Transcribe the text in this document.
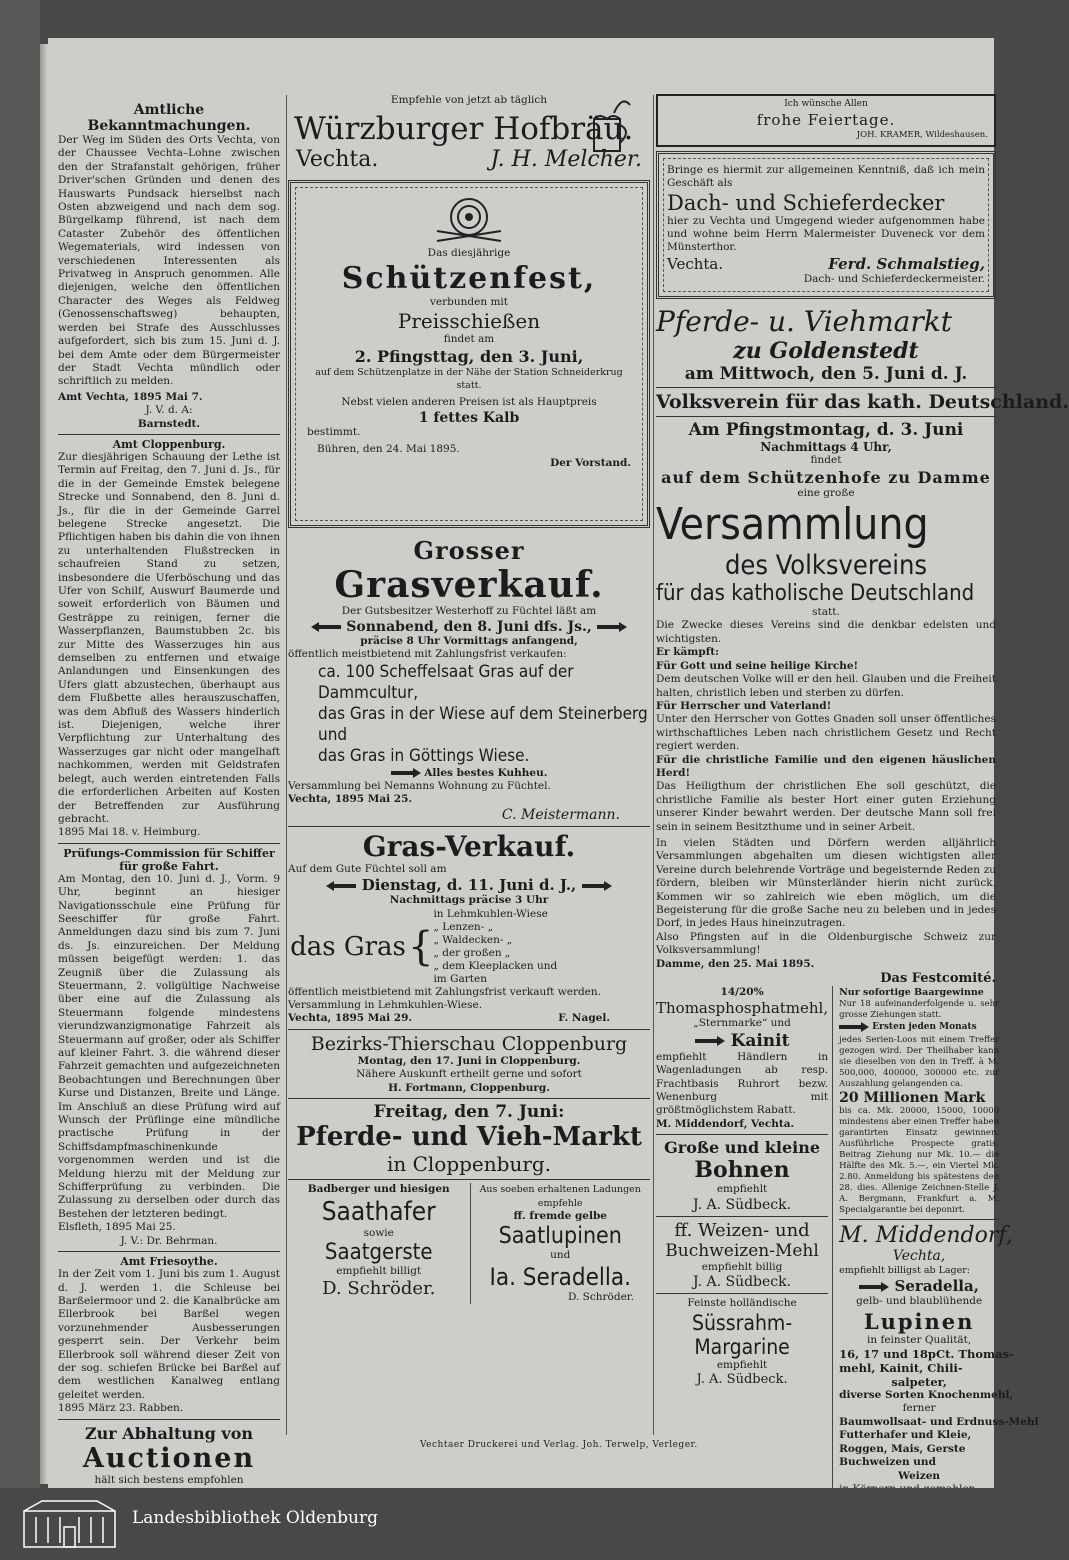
Amtliche Bekanntmachungen.

Der Weg im Süden des Orts Vechta, von der Chaussee Vechta–Lohne zwischen den der Strafanstalt gehörigen, früher Driver'schen Gründen und denen des Hauswarts Pundsack hierselbst nach Osten abzweigend und nach dem sog. Bürgelkamp führend, ist nach dem Cataster Zubehör des öffentlichen Wegematerials, wird indessen von verschiedenen Interessenten als Privatweg in Anspruch genommen. Alle diejenigen, welche den öffentlichen Character des Weges als Feldweg (Genossenschaftsweg) behaupten, werden bei Strafe des Ausschlusses aufgefordert, sich bis zum 15. Juni d. J. bei dem Amte oder dem Bürgermeister der Stadt Vechta mündlich oder schriftlich zu melden.

Amt Vechta, 1895 Mai 7.

J. V. d. A:

Barnstedt.

Amt Cloppenburg.

Zur diesjährigen Schauung der Lethe ist Termin auf Freitag, den 7. Juni d. Js., für die in der Gemeinde Emstek belegene Strecke und Sonnabend, den 8. Juni d. Js., für die in der Gemeinde Garrel belegene Strecke angesetzt. Die Pflichtigen haben bis dahin die von ihnen zu unterhaltenden Flußstrecken in schaufreien Stand zu setzen, insbesondere die Uferböschung und das Ufer von Schilf, Auswurf Baumerde und soweit erforderlich von Bäumen und Gesträppe zu reinigen, ferner die Wasserpflanzen, Baumstubben 2c. bis zur Mitte des Wasserzuges hin aus demselben zu entfernen und etwaige Anlandungen und Einsenkungen des Ufers glatt abzustechen, überhaupt aus dem Flußbette alles herauszuschaffen, was dem Abfluß des Wassers hinderlich ist. Diejenigen, welche ihrer Verpflichtung zur Unterhaltung des Wasserzuges gar nicht oder mangelhaft nachkommen, werden mit Geldstrafen belegt, auch werden eintretenden Falls die erforderlichen Arbeiten auf Kosten der Betreffenden zur Ausführung gebracht.

1895 Mai 18. v. Heimburg.

Prüfungs-Commission für Schiffer für große Fahrt.

Am Montag, den 10. Juni d. J., Vorm. 9 Uhr, beginnt an hiesiger Navigationsschule eine Prüfung für Seeschiffer für große Fahrt. Anmeldungen dazu sind bis zum 7. Juni ds. Js. einzureichen. Der Meldung müssen beigefügt werden: 1. das Zeugniß über die Zulassung als Steuermann, 2. vollgültige Nachweise über eine auf die Zulassung als Steuermann folgende mindestens vierundzwanzigmonatige Fahrzeit als Steuermann auf großer, oder als Schiffer auf kleiner Fahrt. 3. die während dieser Fahrzeit gemachten und aufgezeichneten Beobachtungen und Berechnungen über Kurse und Distanzen, Breite und Länge. Im Anschluß an diese Prüfung wird auf Wunsch der Prüflinge eine mündliche practische Prüfung in der Schiffsdampfmaschinenkunde vorgenommen werden und ist die Meldung hierzu mit der Meldung zur Schifferprüfung zu verbinden. Die Zulassung zu derselben oder durch das Bestehen der letzteren bedingt.

Elsfleth, 1895 Mai 25.

J. V.: Dr. Behrman.

Amt Friesoythe.

In der Zeit vom 1. Juni bis zum 1. August d. J. werden 1. die Schleuse bei Barßelermoor und 2. die Kanalbrücke am Ellerbrook bei Barßel wegen vorzunehmender Ausbesserungen gesperrt sein. Der Verkehr beim Ellerbrook soll während dieser Zeit von der sog. schiefen Brücke bei Barßel auf dem westlichen Kanalweg entlang geleitet werden.

1895 März 23. Rabben.

Zur Abhaltung von

Auctionen

hält sich bestens empfohlen

Empfehle von jetzt ab täglich

Würzburger Hofbräu.

Vechta.	J. H. Melcher.

Das diesjährige

Schützenfest,

verbunden mit

Preisschießen

findet am

2. Pfingsttag, den 3. Juni,

auf dem Schützenplatze in der Nähe der Station Schneiderkrug statt.

Nebst vielen anderen Preisen ist als Hauptpreis

1 fettes Kalb

bestimmt.

Bühren, den 24. Mai 1895.

Der Vorstand.

Grosser

Grasverkauf.

Der Gutsbesitzer Westerhoff zu Füchtel läßt am

Sonnabend, den 8. Juni dfs. Js.,

präcise 8 Uhr Vormittags anfangend,

öffentlich meistbietend mit Zahlungsfrist verkaufen:

ca. 100 Scheffelsaat Gras auf der Dammcultur,

das Gras in der Wiese auf dem Steinerberg und

das Gras in Göttings Wiese.

Alles bestes Kuhheu.

Versammlung bei Nemanns Wohnung zu Füchtel.

Vechta, 1895 Mai 25.

C. Meistermann.

Gras-Verkauf.

Auf dem Gute Füchtel soll am

Dienstag, d. 11. Juni d. J.,

Nachmittags präcise 3 Uhr

das Gras {

in Lehmkuhlen-Wiese

„ Lenzen- „

„ Waldecken- „

„ der großen „

„ dem Kleeplacken und

im Garten

öffentlich meistbietend mit Zahlungsfrist verkauft werden.

Versammlung in Lehmkuhlen-Wiese.

Vechta, 1895 Mai 29.	F. Nagel.

Bezirks-Thierschau Cloppenburg

Montag, den 17. Juni in Cloppenburg.

Nähere Auskunft ertheilt gerne und sofort

H. Fortmann, Cloppenburg.

Freitag, den 7. Juni:

Pferde- und Vieh-Markt

in Cloppenburg.

Badberger und hiesigen

Saathafer

sowie

Saatgerste

empfiehlt billigt

D. Schröder.

Aus soeben erhaltenen Ladungen empfehle

ff. fremde gelbe

Saatlupinen

und

Ia. Seradella.

D. Schröder.

Ich wünsche Allen

frohe Feiertage.

JOH. KRAMER, Wildeshausen.

Bringe es hiermit zur allgemeinen Kenntniß, daß ich mein Geschäft als

Dach- und Schieferdecker

hier zu Vechta und Umgegend wieder aufgenommen habe und wohne beim Herrn Malermeister Duveneck vor dem Münsterthor.

Vechta.	Ferd. Schmalstieg,

Dach- und Schieferdeckermeister.

Pferde- u. Viehmarkt

zu Goldenstedt

am Mittwoch, den 5. Juni d. J.

Volksverein für das kath. Deutschland.

Am Pfingstmontag, d. 3. Juni

Nachmittags 4 Uhr,

findet

auf dem Schützenhofe zu Damme

eine große

Versammlung

des Volksvereins

für das katholische Deutschland

statt.

Die Zwecke dieses Vereins sind die denkbar edelsten und wichtigsten.

Er kämpft:

Für Gott und seine heilige Kirche!

Dem deutschen Volke will er den heil. Glauben und die Freiheit halten, christlich leben und sterben zu dürfen.

Für Herrscher und Vaterland!

Unter den Herrscher von Gottes Gnaden soll unser öffentliches wirthschaftliches Leben nach christlichem Gesetz und Recht regiert werden.

Für die christliche Familie und den eigenen häuslichen Herd!

Das Heiligthum der christlichen Ehe soll geschützt, die christliche Familie als bester Hort einer guten Erziehung unserer Kinder bewahrt werden. Der deutsche Mann soll frei sein in seinem Besitzthume und in seiner Arbeit.

In vielen Städten und Dörfern werden alljährlich Versammlungen abgehalten um diesen wichtigsten aller Vereine durch belehrende Vorträge und begeisternde Reden zu fördern, bleiben wir Münsterländer hierin nicht zurück. Kommen wir so zahlreich wie eben möglich, um die Begeisterung für die große Sache neu zu beleben und in jedes Dorf, in jedes Haus hineinzutragen.

Also Pfingsten auf in die Oldenburgische Schweiz zur Volksversammlung!

Damme, den 25. Mai 1895.

Das Festcomité.

14/20%

Thomasphosphatmehl,

„Sternmarke“ und

Kainit

empfiehlt Händlern in Wagenladungen ab resp. Frachtbasis Ruhrort bezw. Wenenburg mit größtmöglichstem Rabatt.

M. Middendorf, Vechta.

Große und kleine

Bohnen

empfiehlt

J. A. Südbeck.

ff. Weizen- und

Buchweizen-Mehl

empfiehlt billig

J. A. Südbeck.

Feinste holländische

Süssrahm-

Margarine

empfiehlt

J. A. Südbeck.

Nur sofortige Baargewinne

Nur 18 aufeinanderfolgende u. sehr grosse Ziehungen statt.

Ersten jeden Monats

jedes Serien-Loos mit einem Treffer gezogen wird. Der Theilhaber kann sie dieselben von den in Treff. à M. 500,000, 400000, 300000 etc. zur Auszahlung gelangenden ca.

20 Millionen Mark

bis ca. Mk. 20000, 15000, 10000 mindestens aber einen Treffer haben garantirten Einsatz gewinnen. Ausführliche Prospecte gratis. Beitrag Ziehung nur Mk. 10.— die Hälfte des Mk. 5.—, ein Viertel Mk. 2.80. Anmeldung bis spätestens den 28. dies. Allenige Zeichnen-Stelle J. A. Bergmann, Frankfurt a. M. Specialgarantie bei deponirt.

M. Middendorf,

Vechta,

empfiehlt billigst ab Lager:

Seradella,

gelb- und blaublühende

Lupinen

in feinster Qualität,

16, 17 und 18pCt. Thomas-

mehl, Kainit, Chili-

salpeter,

diverse Sorten Knochenmehl,

ferner

Baumwollsaat- und Erdnuss-Mehl

Futterhafer und Kleie,

Roggen, Mais, Gerste

Buchweizen und

Weizen

Vechtaer Druckerei und Verlag. Joh. Terwelp, Verleger.

Landesbibliothek Oldenburg
